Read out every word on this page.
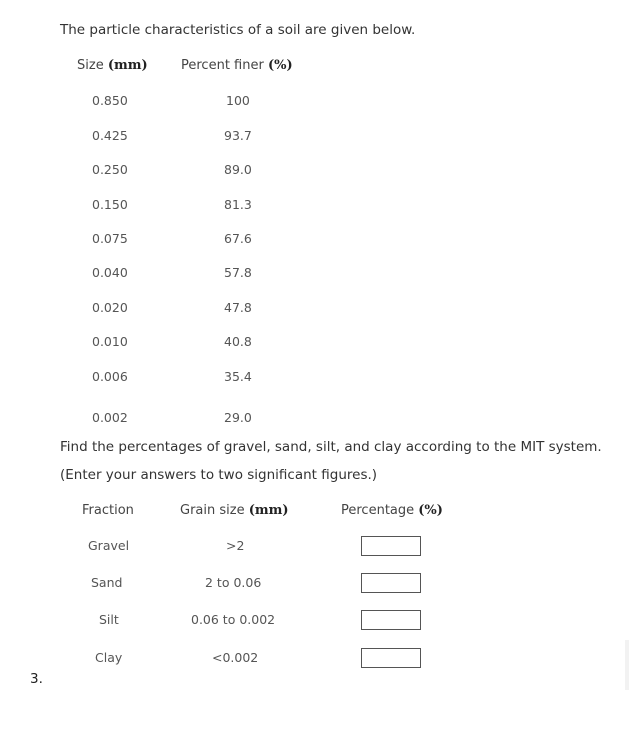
The particle characteristics of a soil are given below.
Size (mm)	Percent finer (%)
0.850	100
0.425	93.7
0.250	89.0
0.150	81.3
0.075	67.6
0.040	57.8
0.020	47.8
0.010	40.8
0.006	35.4
0.002	29.0
Find the percentages of gravel, sand, silt, and clay according to the MIT system.
(Enter your answers to two significant figures.)
Fraction	Grain size (mm)	Percentage (%)
Gravel	>2
Sand	2 to 0.06
Silt	0.06 to 0.002
Clay	<0.002
3.
